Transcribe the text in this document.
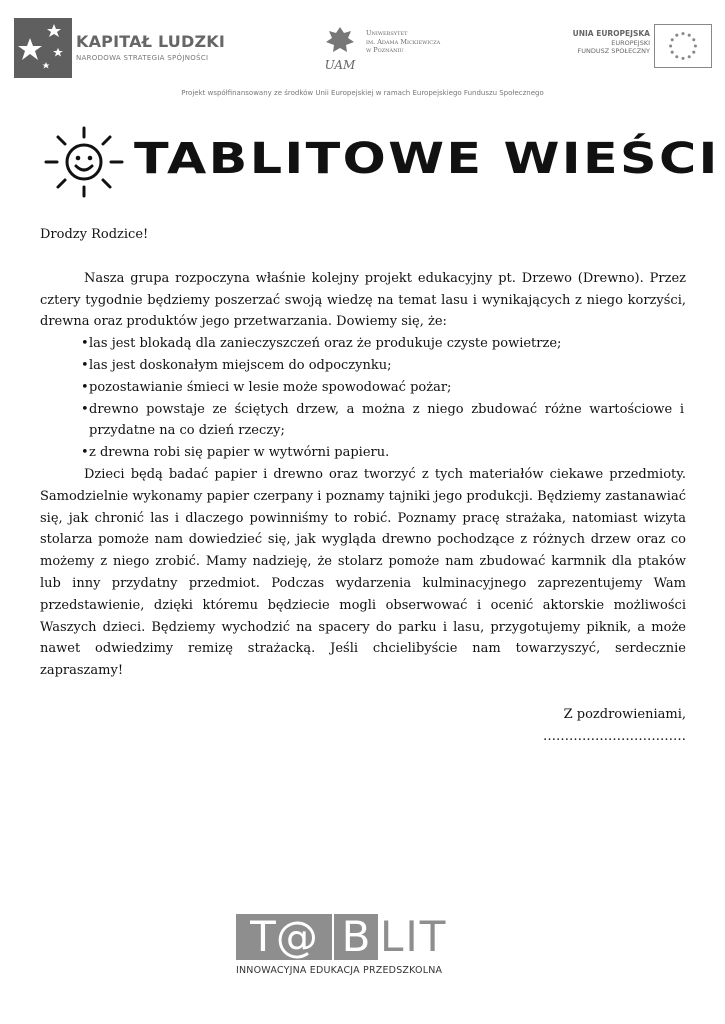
KAPITAŁ LUDZKI
NARODOWA STRATEGIA SPÓJNOŚCI	UAM
Uniwersytet
im. Adama Mickiewicza
w Poznaniu
UNIA EUROPEJSKA
EUROPEJSKI
FUNDUSZ SPOŁECZNY
Projekt współfinansowany ze środków Unii Europejskiej w ramach Europejskiego Funduszu Społecznego
TABLITOWE WIEŚCI

Drodzy Rodzice!

Nasza grupa rozpoczyna właśnie kolejny projekt edukacyjny pt. Drzewo (Drewno). Przez cztery tygodnie będziemy poszerzać swoją wiedzę na temat lasu i wynikających z niego korzyści, drewna oraz produktów jego przetwarzania. Dowiemy się, że:

• las jest blokadą dla zanieczyszczeń oraz że produkuje czyste powietrze;
• las jest doskonałym miejscem do odpoczynku;
• pozostawianie śmieci w lesie może spowodować pożar;
• drewno powstaje ze ściętych drzew, a można z niego zbudować różne wartościowe i przydatne na co dzień rzeczy;
• z drewna robi się papier w wytwórni papieru.

Dzieci będą badać papier i drewno oraz tworzyć z tych materiałów ciekawe przedmioty. Samodzielnie wykonamy papier czerpany i poznamy tajniki jego produkcji. Będziemy zastanawiać się, jak chronić las i dlaczego powinniśmy to robić. Poznamy pracę strażaka, natomiast wizyta stolarza pomoże nam dowiedzieć się, jak wygląda drewno pochodzące z różnych drzew oraz co możemy z niego zrobić. Mamy nadzieję, że stolarz pomoże nam zbudować karmnik dla ptaków lub inny przydatny przedmiot. Podczas wydarzenia kulminacyjnego zaprezentujemy Wam przedstawienie, dzięki któremu będziecie mogli obserwować i ocenić aktorskie możliwości Waszych dzieci. Będziemy wychodzić na spacery do parku i lasu, przygotujemy piknik, a może nawet odwiedzimy remizę strażacką. Jeśli chcielibyście nam towarzyszyć, serdecznie zapraszamy!

Z pozdrowieniami,
……………………………
T@ B LIT
INNOWACYJNA EDUKACJA PRZEDSZKOLNA
